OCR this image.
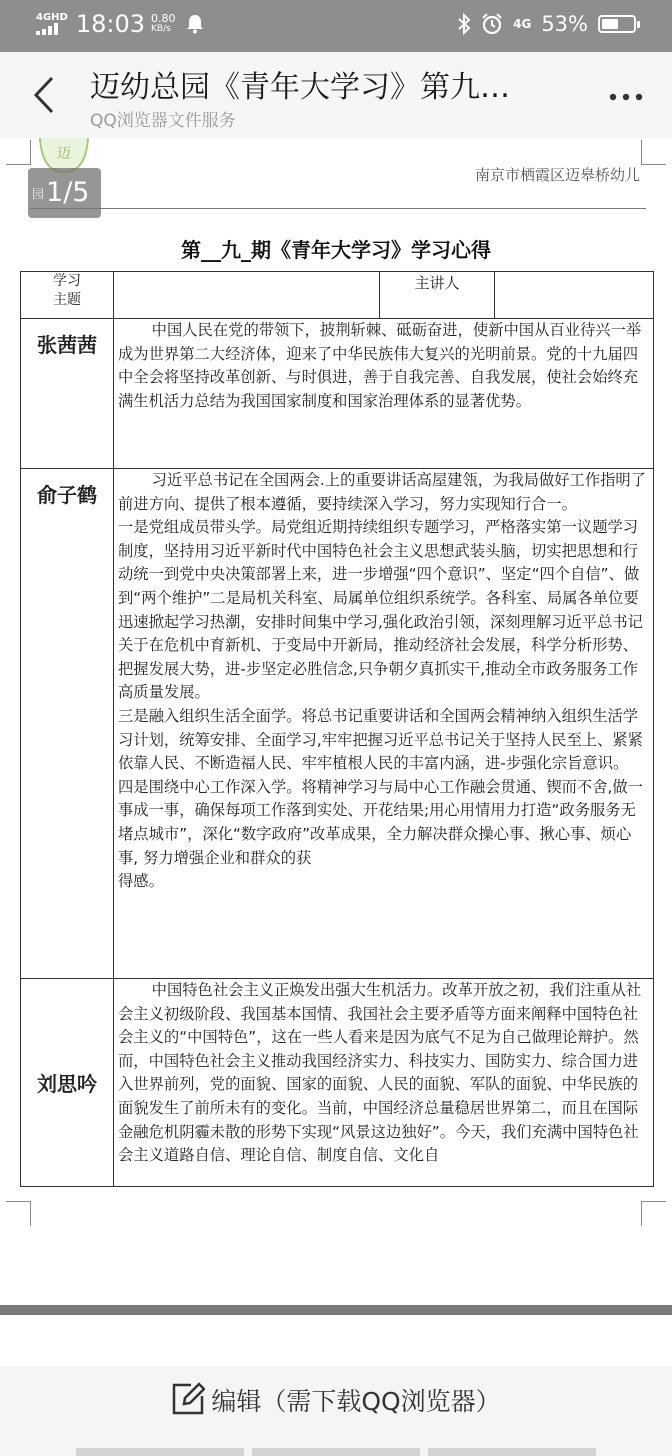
4GHD 18:03 0.80
KB/s	4G 53%
迈幼总园《青年大学习》第九…
QQ浏览器文件服务
迈
园1/5
南京市栖霞区迈皋桥幼儿
第__九_期《青年大学习》学习心得
学习
主题		主讲人	
张茜茜	中国人民在党的带领下，披荆斩棘、砥砺奋进，使新中国从百业待兴一举成为世界第二大经济体，迎来了中华民族伟大复兴的光明前景。党的十九届四中全会将坚持改革创新、与时俱进，善于自我完善、自我发展，使社会始终充满生机活力总结为我国国家制度和国家治理体系的显著优势。		

俞子鹤	习近平总书记在全国两会.上的重要讲话高屋建瓴，为我局做好工作指明了前进方向、提供了根本遵循，要持续深入学习，努力实现知行合一。

一是党组成员带头学。局党组近期持续组织专题学习，严格落实第一议题学习制度，坚持用习近平新时代中国特色社会主义思想武装头脑，切实把思想和行动统一到党中央决策部署上来，进一步增强“四个意识”、坚定“四个自信”、做到“两个维护”二是局机关科室、局属单位组织系统学。各科室、局属各单位要迅速掀起学习热潮，安排时间集中学习,强化政治引领，深刻理解习近平总书记关于在危机中育新机、于变局中开新局，推动经济社会发展，科学分析形势、把握发展大势，进-步坚定必胜信念,只争朝夕真抓实干,推动全市政务服务工作高质量发展。

三是融入组织生活全面学。将总书记重要讲话和全国两会精神纳入组织生活学习计划，统筹安排、全面学习,牢牢把握习近平总书记关于坚持人民至上、紧紧依靠人民、不断造福人民、牢牢植根人民的丰富内涵，进-步强化宗旨意识。

四是围绕中心工作深入学。将精神学习与局中心工作融会贯通、锲而不舍,做一事成一事，确保每项工作落到实处、开花结果;用心用情用力打造“政务服务无堵点城市”，深化“数字政府”改革成果，全力解决群众操心事、揪心事、烦心事, 努力增强企业和群众的获

得感。		

刘思吟	中国特色社会主义正焕发出强大生机活力。改革开放之初，我们注重从社会主义初级阶段、我国基本国情、我国社会主要矛盾等方面来阐释中国特色社会主义的“中国特色”，这在一些人看来是因为底气不足为自己做理论辩护。然而，中国特色社会主义推动我国经济实力、科技实力、国防实力、综合国力进入世界前列，党的面貌、国家的面貌、人民的面貌、军队的面貌、中华民族的面貌发生了前所未有的变化。当前，中国经济总量稳居世界第二，而且在国际金融危机阴霾未散的形势下实现“风景这边独好”。今天，我们充满中国特色社会主义道路自信、理论自信、制度自信、文化自		

编辑（需下载QQ浏览器）
